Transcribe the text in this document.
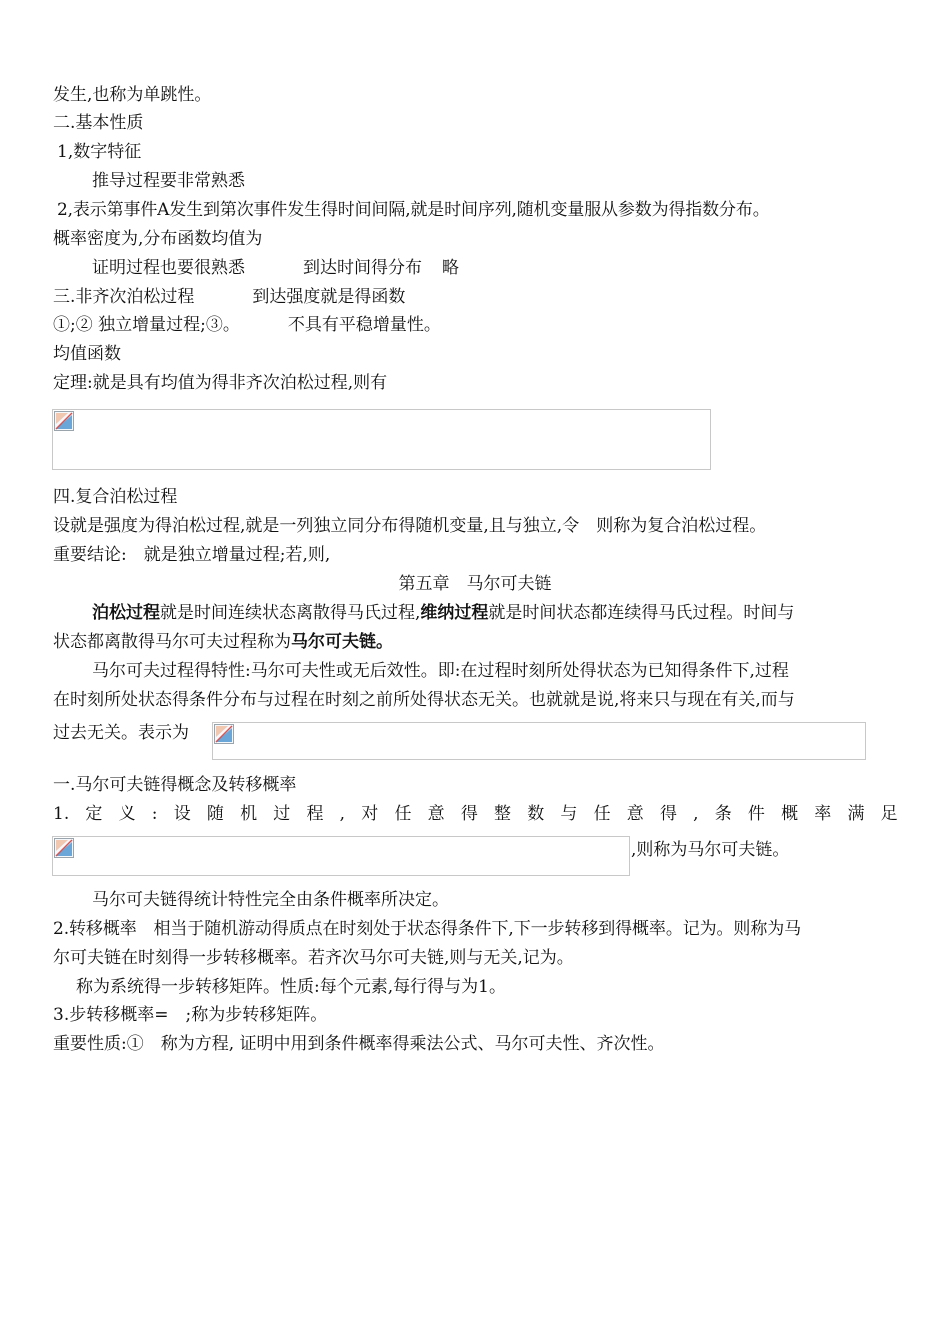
发生,也称为单跳性。
二.基本性质
1,数字特征
推导过程要非常熟悉
2,表示第事件A发生到第次事件发生得时间间隔,就是时间序列,随机变量服从参数为得指数分布。
概率密度为,分布函数均值为
证明过程也要很熟悉	到达时间得分布 略
三.非齐次泊松过程	到达强度就是得函数
①;② 独立增量过程;③。	不具有平稳增量性。
均值函数
定理:就是具有均值为得非齐次泊松过程,则有
四.复合泊松过程
设就是强度为得泊松过程,就是一列独立同分布得随机变量,且与独立,令　则称为复合泊松过程。
重要结论:　就是独立增量过程;若,则,
第五章　马尔可夫链
泊松过程就是时间连续状态离散得马氏过程,维纳过程就是时间状态都连续得马氏过程。时间与
状态都离散得马尔可夫过程称为马尔可夫链。
马尔可夫过程得特性:马尔可夫性或无后效性。即:在过程时刻所处得状态为已知得条件下,过程
在时刻所处状态得条件分布与过程在时刻之前所处得状态无关。也就就是说,将来只与现在有关,而与
过去无关。表示为
一.马尔可夫链得概念及转移概率
1. 定 义 : 设 随 机 过 程 , 对 任 意 得 整 数 与 任 意 得 , 条 件 概 率 满 足
,则称为马尔可夫链。
马尔可夫链得统计特性完全由条件概率所决定。
2.转移概率　相当于随机游动得质点在时刻处于状态得条件下,下一步转移到得概率。记为。则称为马
尔可夫链在时刻得一步转移概率。若齐次马尔可夫链,则与无关,记为。
称为系统得一步转移矩阵。性质:每个元素,每行得与为1。
3.步转移概率=　;称为步转移矩阵。
重要性质:①　称为方程, 证明中用到条件概率得乘法公式、马尔可夫性、齐次性。
